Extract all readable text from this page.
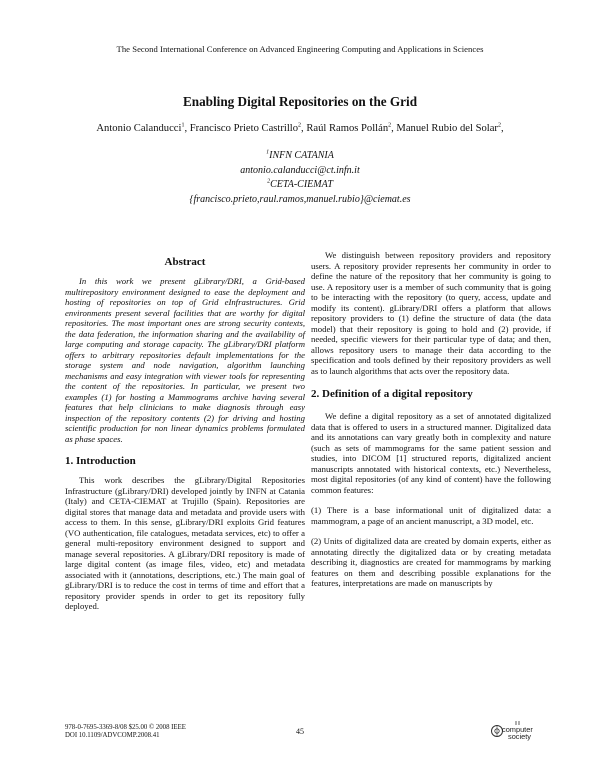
The Second International Conference on Advanced Engineering Computing and Applications in Sciences
Enabling Digital Repositories on the Grid
Antonio Calanducci$^1$, Francisco Prieto Castrillo$^2$, Raúl Ramos Pollán$^2$, Manuel Rubio del Solar$^2$,
$^1$INFN CATANIA
antonio.calanducci@ct.infn.it
$^2$CETA-CIEMAT
{francisco.prieto,raul.ramos,manuel.rubio}@ciemat.es

Abstract

In this work we present gLibrary/DRI, a Grid-based multirepository environment designed to ease the deployment and hosting of repositories on top of Grid eInfrastructures. Grid environments present several facilities that are worthy for digital repositories. The most important ones are strong security contexts, the data federation, the information sharing and the availability of large computing and storage capacity. The gLibrary/DRI platform offers to arbitrary repositories default implementations for the storage system and node navigation, algorithm launching mechanisms and easy integration with viewer tools for representing the content of the repositories. In particular, we present two examples (1) for hosting a Mammograms archive having several features that help clinicians to make diagnosis through easy inspection of the repository contents (2) for driving and hosting scientific production for non linear dynamics problems formulated as phase spaces.

1. Introduction

This work describes the gLibrary/Digital Repositories Infrastructure (gLibrary/DRI) developed jointly by INFN at Catania (Italy) and CETA-CIEMAT at Trujillo (Spain). Repositories are digital stores that manage data and metadata and provide users with access to them. In this sense, gLibrary/DRI exploits Grid features (VO authentication, file catalogues, metadata services, etc) to offer a general multi-repository environment designed to support and manage several repositories. A gLibrary/DRI repository is made of large digital content (as image files, video, etc) and metadata associated with it (annotations, descriptions, etc.) The main goal of gLibrary/DRI is to reduce the cost in terms of time and effort that a repository provider spends in order to get its repository fully deployed.

We distinguish between repository providers and repository users. A repository provider represents her community in order to define the nature of the repository that her community is going to use. A repository user is a member of such community that is going to be interacting with the repository (to query, access, update and modify its content). gLibrary/DRI offers a platform that allows repository providers to (1) define the structure of data (the data model) that their repository is going to hold and (2) provide, if needed, specific viewers for their particular type of data; and then, allows repository users to manage their data according to the specification and tools defined by their repository providers as well as to launch algorithms that acts over the repository data.

2. Definition of a digital repository

We define a digital repository as a set of annotated digitalized data that is offered to users in a structured manner. Digitalized data and its annotations can vary greatly both in complexity and nature (such as sets of mammograms for the same patient session and studies, into DICOM [1] structured reports, digitalized ancient manuscripts annotated with historical contexts, etc.) Nevertheless, most digital repositories (of any kind of content) have the following common features:

(1) There is a base informational unit of digitalized data: a mammogram, a page of an ancient manuscript, a 3D model, etc.

(2) Units of digitalized data are created by domain experts, either as annotating directly the digitalized data or by creating metadata describing it, diagnostics are created for mammograms by marking features on them and describing possible explanations for the features, interpretations are made on manuscripts by

978-0-7695-3369-8/08 $25.00 © 2008 IEEE
DOI 10.1109/ADVCOMP.2008.41	45	computer
society
